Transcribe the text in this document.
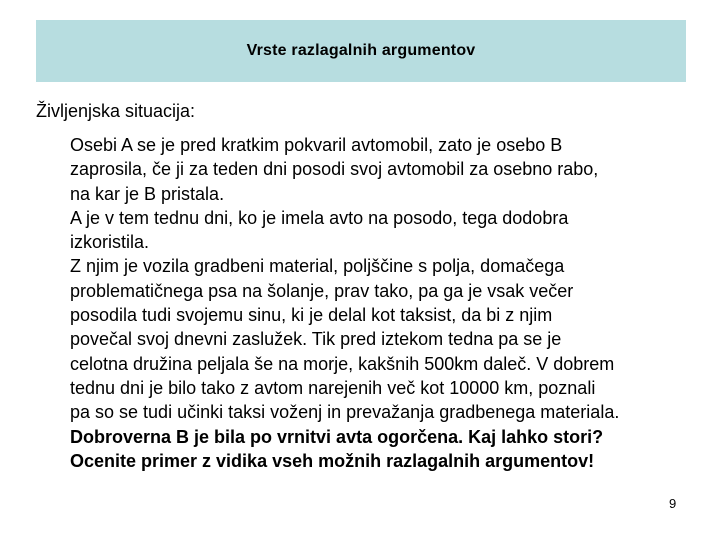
Vrste razlagalnih argumentov
Življenjska situacija:
Osebi A se je pred kratkim pokvaril avtomobil, zato je osebo B
zaprosila, če ji za teden dni posodi svoj avtomobil za osebno rabo,
na kar je B pristala.
A je v tem tednu dni, ko je imela avto na posodo, tega dodobra
izkoristila.
Z njim je vozila gradbeni material, poljščine s polja, domačega
problematičnega psa na šolanje, prav tako, pa ga je vsak večer
posodila tudi svojemu sinu, ki je delal kot taksist, da bi z njim
povečal svoj dnevni zaslužek. Tik pred iztekom tedna pa se je
celotna družina peljala še na morje, kakšnih 500km daleč. V dobrem
tednu dni je bilo tako z avtom narejenih več kot 10000 km, poznali
pa so se tudi učinki taksi voženj in prevažanja gradbenega materiala.
Dobroverna B je bila po vrnitvi avta ogorčena. Kaj lahko stori?
Ocenite primer z vidika vseh možnih razlagalnih argumentov!
9
